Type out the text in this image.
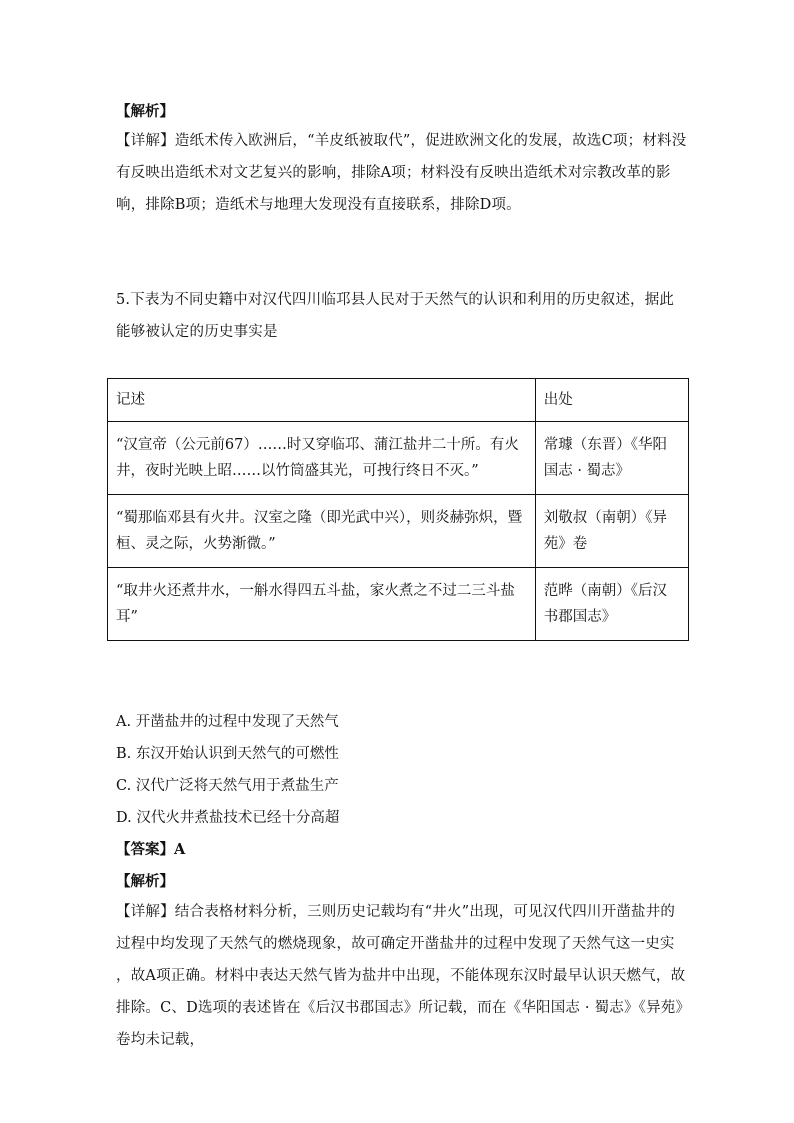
【解析】
【详解】造纸术传入欧洲后，“羊皮纸被取代”，促进欧洲文化的发展，故选C项；材料没有反映出造纸术对文艺复兴的影响，排除A项；材料没有反映出造纸术对宗教改革的影响，排除B项；造纸术与地理大发现没有直接联系，排除D项。
5.下表为不同史籍中对汉代四川临邛县人民对于天然气的认识和利用的历史叙述，据此能够被认定的历史事实是
记述	出处
“汉宣帝（公元前67）……时又穿临邛、蒲江盐井二十所。有火井，夜时光映上昭……以竹筒盛其光，可拽行终日不灭。”	常璩（东晋）《华阳国志 · 蜀志》
“蜀那临邓县有火井。汉室之隆（即光武中兴），则炎赫弥炽，暨桓、灵之际，火势渐微。”	刘敬叔（南朝）《异苑》卷
“取井火还煮井水，一斛水得四五斗盐，家火煮之不过二三斗盐耳”	范晔（南朝）《后汉书郡国志》
A. 开凿盐井的过程中发现了天然气
B. 东汉开始认识到天然气的可燃性
C. 汉代广泛将天然气用于煮盐生产
D. 汉代火井煮盐技术已经十分高超
【答案】A
【解析】
【详解】结合表格材料分析，三则历史记载均有“井火”出现，可见汉代四川开凿盐井的过程中均发现了天然气的燃烧现象，故可确定开凿盐井的过程中发现了天然气这一史实 ，故A项正确。材料中表达天然气皆为盐井中出现，不能体现东汉时最早认识天燃气，故排除。C、D选项的表述皆在《后汉书郡国志》所记载，而在《华阳国志 · 蜀志》《异苑》卷均未记载，
